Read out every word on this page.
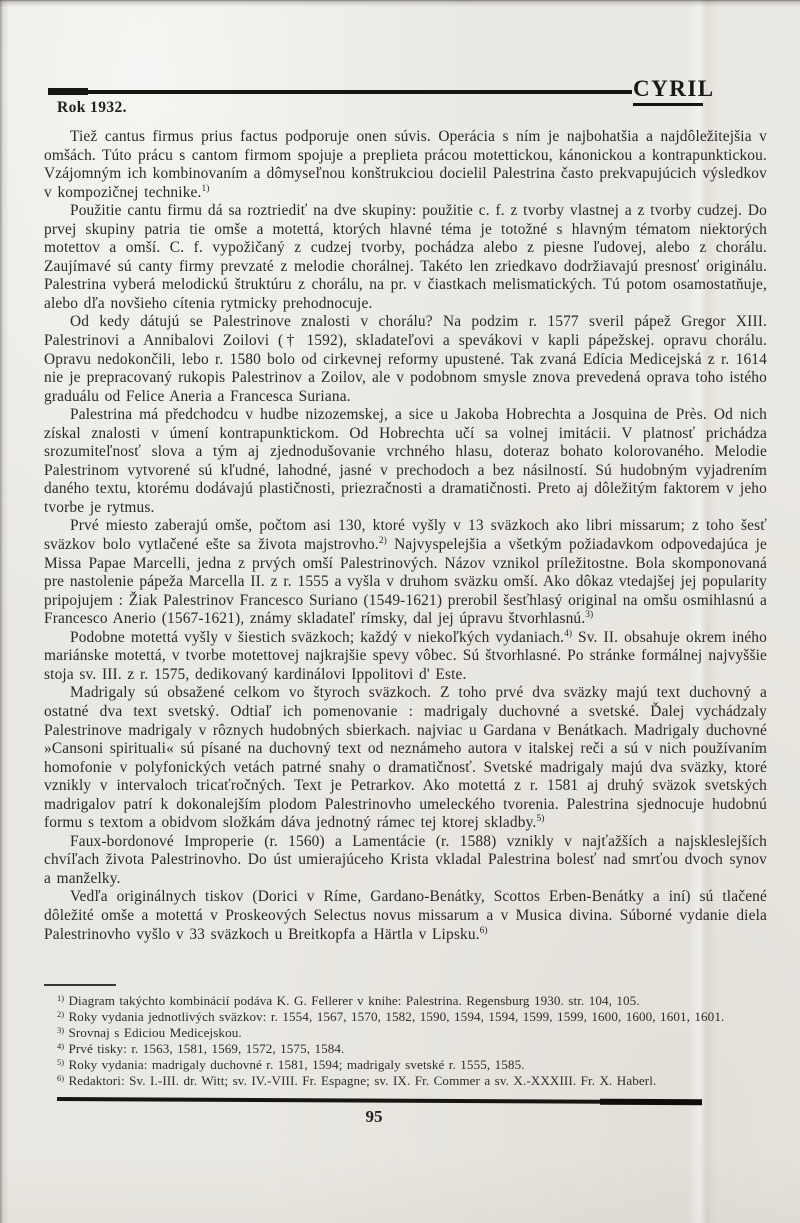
CYRIL
Rok 1932.

Tiež cantus firmus prius factus podporuje onen súvis. Operácia s ním je najbohatšia a najdôležitejšia v omšách. Túto prácu s cantom firmom spojuje a preplieta prácou motettickou, kánonickou a kontrapunktickou. Vzájomným ich kombinovaním a dômyseľnou konštrukciou docielil Palestrina často prekvapujúcich výsledkov v kompozičnej technike.$^{1)}$

Použitie cantu firmu dá sa roztriediť na dve skupiny: použitie c. f. z tvorby vlastnej a z tvorby cudzej. Do prvej skupiny patria tie omše a motettá, ktorých hlavné téma je totožné s hlavným tématom niektorých motettov a omší. C. f. vypožičaný z cudzej tvorby, pochádza alebo z piesne ľudovej, alebo z chorálu. Zaujímavé sú canty firmy prevzaté z melodie chorálnej. Takéto len zriedkavo dodržiavajú presnosť originálu. Palestrina vyberá melodickú štruktúru z chorálu, na pr. v čiastkach melismatických. Tú potom osamostatňuje, alebo dľa novšieho cítenia rytmicky prehodnocuje.

Od kedy dátujú se Palestrinove znalosti v chorálu? Na podzim r. 1577 sveril pápež Gregor XIII. Palestrinovi a Annibalovi Zoilovi († 1592), skladateľovi a spevákovi v kapli pápežskej. opravu chorálu. Opravu nedokončili, lebo r. 1580 bolo od cirkevnej reformy upustené. Tak zvaná Edícia Medicejská z r. 1614 nie je prepracovaný rukopis Palestrinov a Zoilov, ale v podobnom smysle znova prevedená oprava toho istého graduálu od Felice Aneria a Francesca Suriana.

Palestrina má předchodcu v hudbe nizozemskej, a sice u Jakoba Hobrechta a Josquina de Près. Od nich získal znalosti v úmení kontrapunktickom. Od Hobrechta učí sa volnej imitácii. V platnosť prichádza srozumiteľnosť slova a tým aj zjednodušovanie vrchného hlasu, doteraz bohato kolorovaného. Melodie Palestrinom vytvorené sú kľudné, lahodné, jasné v prechodoch a bez násilností. Sú hudobným vyjadrením daného textu, ktorému dodávajú plastičnosti, priezračnosti a dramatičnosti. Preto aj dôležitým faktorem v jeho tvorbe je rytmus.

Prvé miesto zaberajú omše, počtom asi 130, ktoré vyšly v 13 sväzkoch ako libri missarum; z toho šesť sväzkov bolo vytlačené ešte sa života majstrovho.$^{2)}$ Najvyspelejšia a všetkým požiadavkom odpovedajúca je Missa Papae Marcelli, jedna z prvých omší Palestrinových. Názov vznikol príležitostne. Bola skomponovaná pre nastolenie pápeža Marcella II. z r. 1555 a vyšla v druhom sväzku omší. Ako dôkaz vtedajšej jej popularity pripojujem : Žiak Palestrinov Francesco Suriano (1549-1621) prerobil šesťhlasý original na omšu osmihlasnú a Francesco Anerio (1567-1621), známy skladateľ rímsky, dal jej úpravu štvorhlasnú.$^{3)}$

Podobne motettá vyšly v šiestich sväzkoch; každý v niekoľkých vydaniach.$^{4)}$ Sv. II. obsahuje okrem iného mariánske motettá, v tvorbe motettovej najkrajšie spevy vôbec. Sú štvorhlasné. Po stránke formálnej najvyššie stoja sv. III. z r. 1575, dedikovaný kardinálovi Ippolitovi d' Este.

Madrigaly sú obsažené celkom vo štyroch sväzkoch. Z toho prvé dva sväzky majú text duchovný a ostatné dva text svetský. Odtiaľ ich pomenovanie : madrigaly duchovné a svetské. Ďalej vychádzaly Palestrinove madrigaly v rôznych hudobných sbierkach. najviac u Gardana v Benátkach. Madrigaly duchovné »Cansoni spirituali« sú písané na duchovný text od neznámeho autora v italskej reči a sú v nich používaním homofonie v polyfonických vetách patrné snahy o dramatičnosť. Svetské madrigaly majú dva sväzky, ktoré vznikly v intervaloch tricaťročných. Text je Petrarkov. Ako motettá z r. 1581 aj druhý sväzok svetských madrigalov patrí k dokonalejším plodom Palestrinovho umeleckého tvorenia. Palestrina sjednocuje hudobnú formu s textom a obidvom složkám dáva jednotný rámec tej ktorej skladby.$^{5)}$

Faux-bordonové Improperie (r. 1560) a Lamentácie (r. 1588) vznikly v najťažších a najskleslejších chvíľach života Palestrinovho. Do úst umierajúceho Krista vkladal Palestrina bolesť nad smrťou dvoch synov a manželky.

Vedľa originálnych tiskov (Dorici v Ríme, Gardano-Benátky, Scottos Erben-Benátky a iní) sú tlačené dôležité omše a motettá v Proskeových Selectus novus missarum a v Musica divina. Súborné vydanie diela Palestrinovho vyšlo v 33 sväzkoch u Breitkopfa a Härtla v Lipsku.$^{6)}$

$^{1)}$ Diagram takýchto kombinácií podáva K. G. Fellerer v knihe: Palestrina. Regensburg 1930. str. 104, 105.
$^{2)}$ Roky vydania jednotlivých sväzkov: r. 1554, 1567, 1570, 1582, 1590, 1594, 1594, 1599, 1599, 1600, 1600, 1601, 1601.
$^{3)}$ Srovnaj s Ediciou Medicejskou.
$^{4)}$ Prvé tisky: r. 1563, 1581, 1569, 1572, 1575, 1584.
$^{5)}$ Roky vydania: madrigaly duchovné r. 1581, 1594; madrigaly svetské r. 1555, 1585.
$^{6)}$ Redaktori: Sv. I.-III. dr. Witt; sv. IV.-VIII. Fr. Espagne; sv. IX. Fr. Commer a sv. X.-XXXIII. Fr. X. Haberl.
95
